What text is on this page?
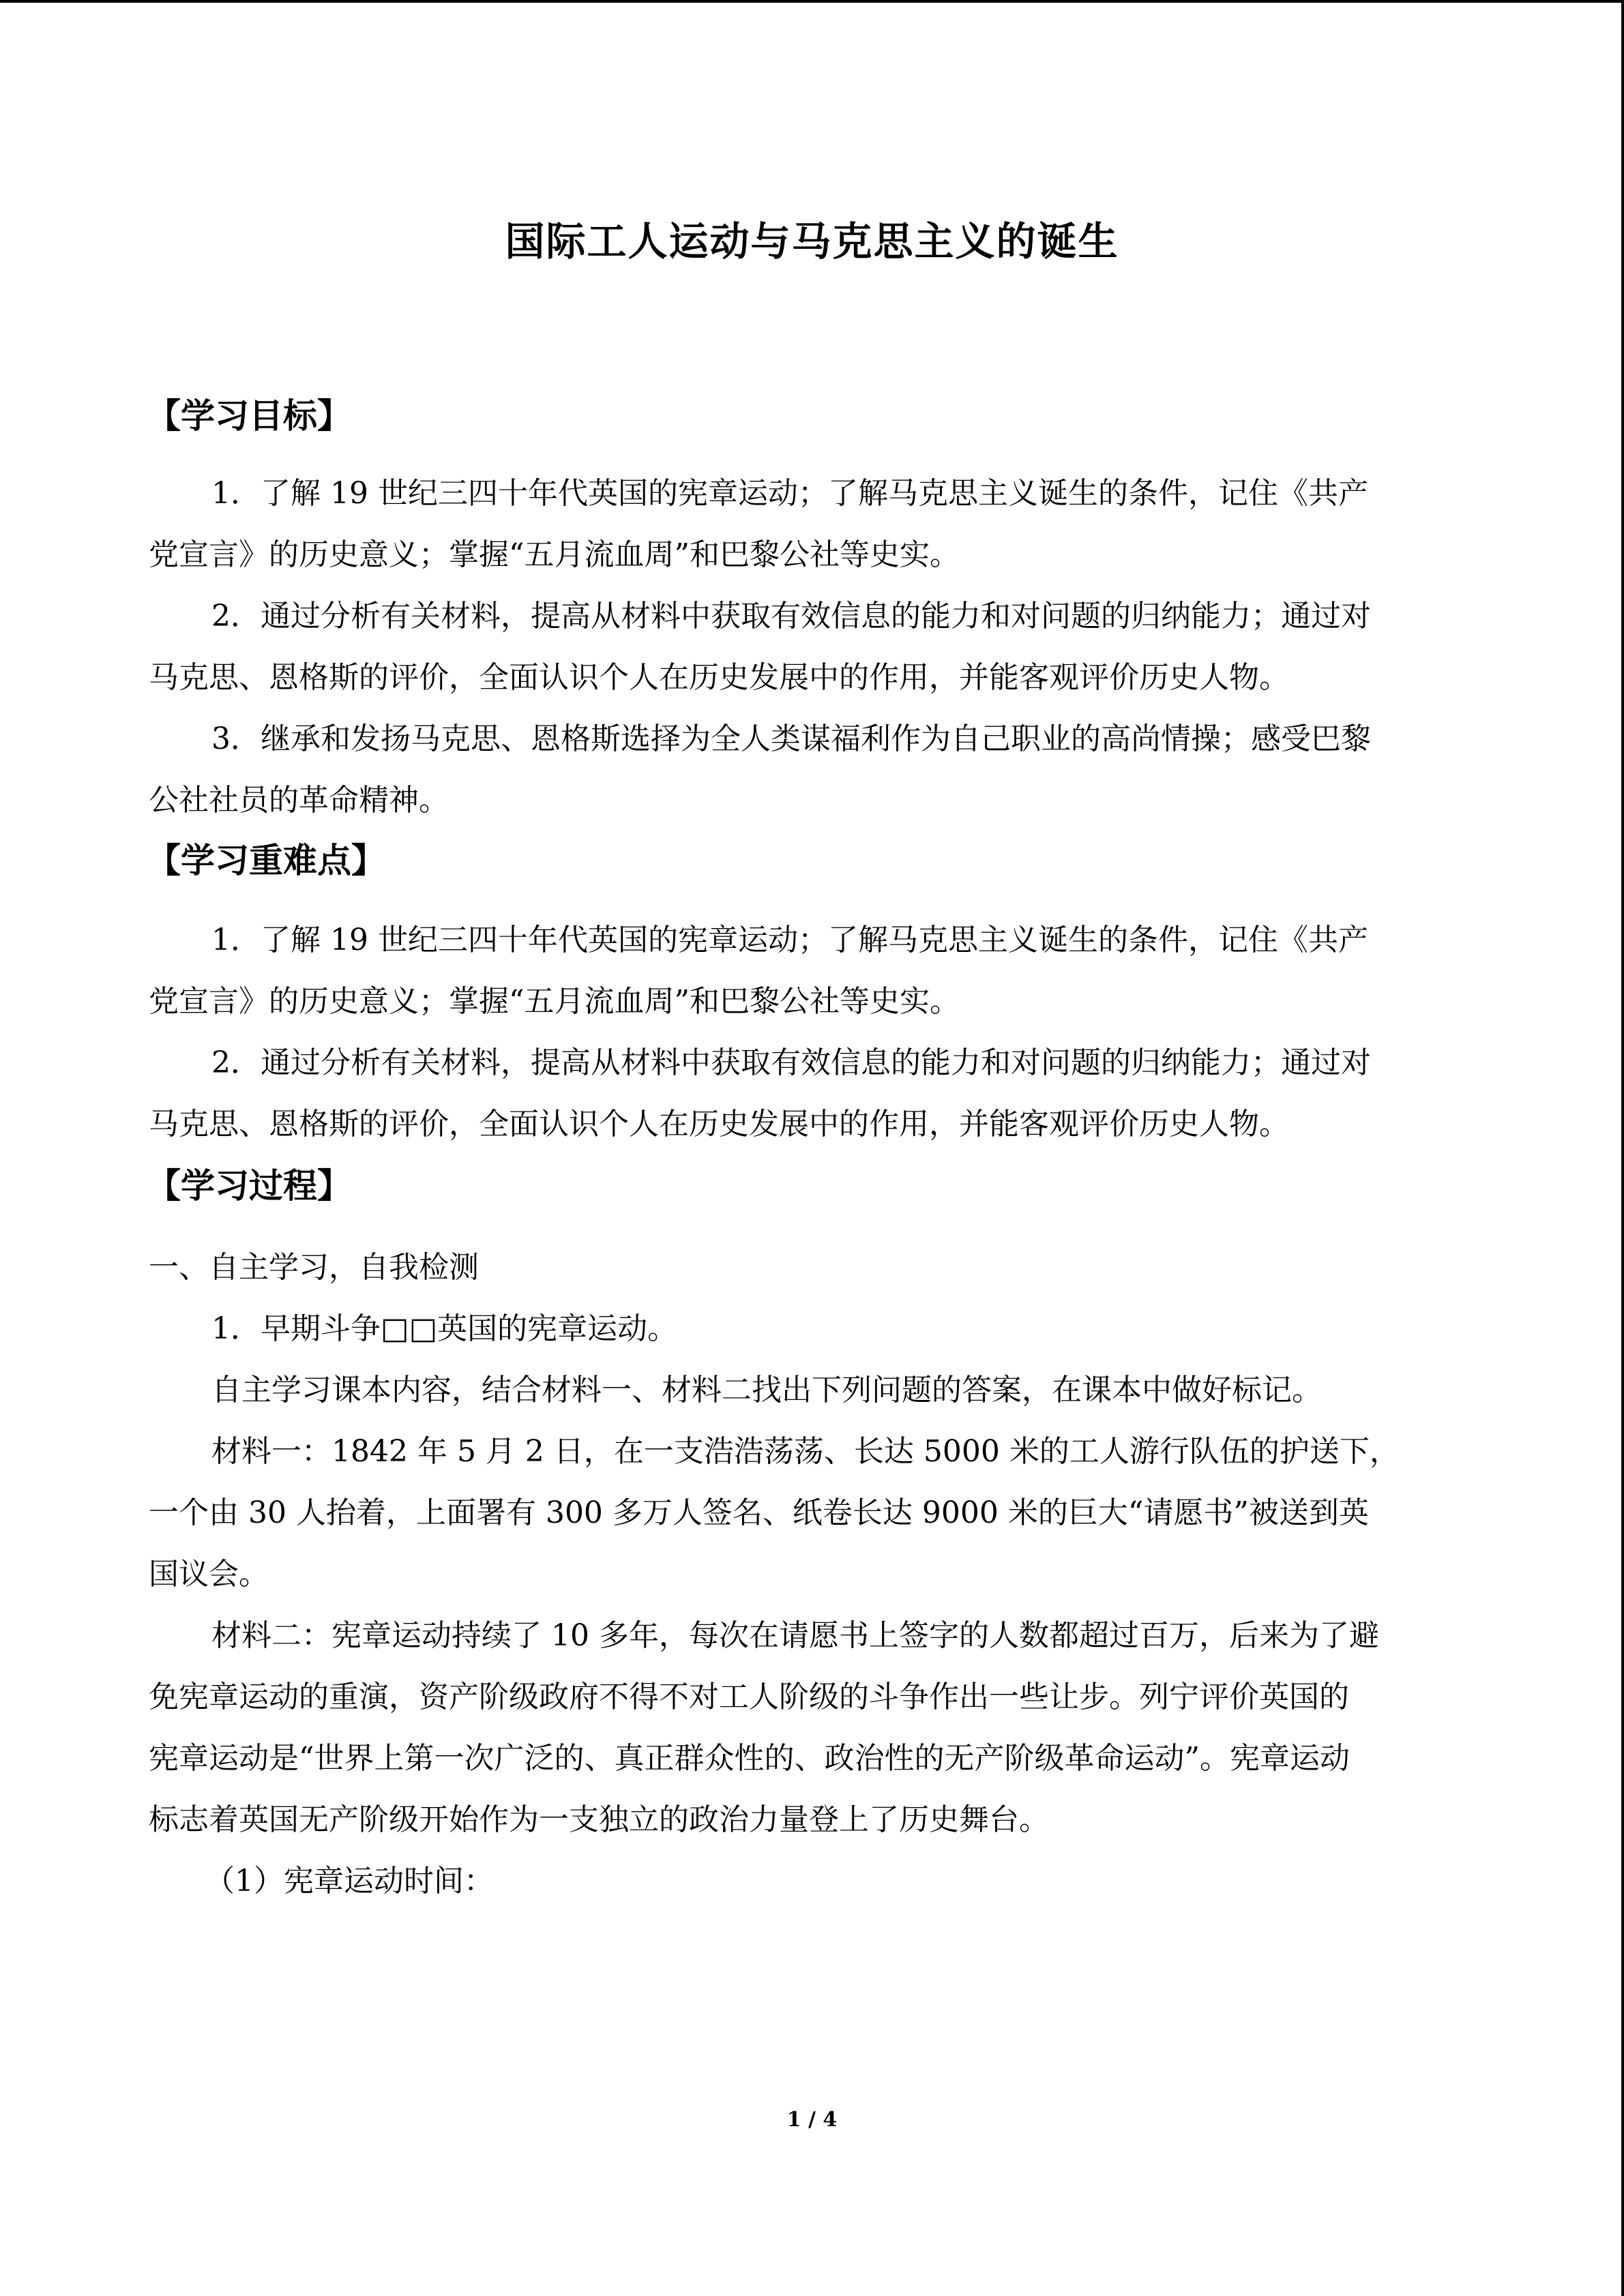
国际工人运动与马克思主义的诞生
【学习目标】
1．了解 19 世纪三四十年代英国的宪章运动；了解马克思主义诞生的条件，记住《共产
党宣言》的历史意义；掌握“五月流血周”和巴黎公社等史实。
2．通过分析有关材料，提高从材料中获取有效信息的能力和对问题的归纳能力；通过对
马克思、恩格斯的评价，全面认识个人在历史发展中的作用，并能客观评价历史人物。
3．继承和发扬马克思、恩格斯选择为全人类谋福利作为自己职业的高尚情操；感受巴黎
公社社员的革命精神。
【学习重难点】
1．了解 19 世纪三四十年代英国的宪章运动；了解马克思主义诞生的条件，记住《共产
党宣言》的历史意义；掌握“五月流血周”和巴黎公社等史实。
2．通过分析有关材料，提高从材料中获取有效信息的能力和对问题的归纳能力；通过对
马克思、恩格斯的评价，全面认识个人在历史发展中的作用，并能客观评价历史人物。
【学习过程】
一、自主学习，自我检测
1．早期斗争□□英国的宪章运动。
自主学习课本内容，结合材料一、材料二找出下列问题的答案，在课本中做好标记。
材料一：1842 年 5 月 2 日，在一支浩浩荡荡、长达 5000 米的工人游行队伍的护送下，
一个由 30 人抬着，上面署有 300 多万人签名、纸卷长达 9000 米的巨大“请愿书”被送到英
国议会。
材料二：宪章运动持续了 10 多年，每次在请愿书上签字的人数都超过百万，后来为了避
免宪章运动的重演，资产阶级政府不得不对工人阶级的斗争作出一些让步。列宁评价英国的
宪章运动是“世界上第一次广泛的、真正群众性的、政治性的无产阶级革命运动”。宪章运动
标志着英国无产阶级开始作为一支独立的政治力量登上了历史舞台。
（1）宪章运动时间：
1 / 4
